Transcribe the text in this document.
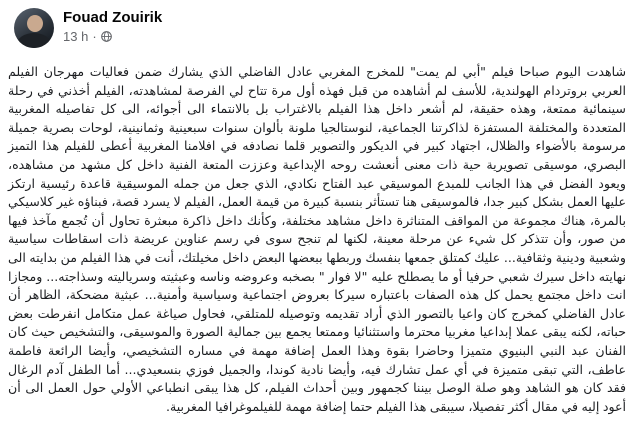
Fouad Zouirik
13 h ·

شاهدت اليوم صباحا فيلم "أبي لم يمت" للمخرج المغربي عادل الفاضلي الذي يشارك ضمن فعاليات مهرجان الفيلم العربي بروتردام الهولندية، للأسف لم أشاهده من قبل فهذه أول مرة تتاح لي الفرصة لمشاهدته، الفيلم أخذني في رحلة سينمائية ممتعة، وهذه حقيقة، لم أشعر داخل هذا الفيلم بالاغتراب بل بالانتماء الى أجوائه، الى كل تفاصيله المغربية المتعددة والمختلفة المستفزة لذاكرتنا الجماعية، لنوستالجيا ملونة بألوان سنوات سبعينية وثمانينية، لوحات بصرية جميلة مرسومة بالأضواء والظلال، اجتهاد كبير في الديكور والتصوير قلما نصادفه في افلامنا المغربية أعطى للفيلم هذا التميز البصري، موسيقى تصويرية حية ذات معنى أنعشت روحه الإبداعية وعززت المتعة الفنية داخل كل مشهد من مشاهده، ويعود الفضل في هذا الجانب للمبدع الموسيقي عبد الفتاح نكادي، الذي جعل من جمله الموسيقية قاعدة رئيسية ارتكز عليها العمل بشكل كبير جدا، فالموسيقى هنا تستأثر بنسبة كبيرة من قيمة العمل، الفيلم لا يسرد قصة، فبناؤه غير كلاسيكي بالمرة، هناك مجموعة من المواقف المتناثرة داخل مشاهد مختلفة، وكأنك داخل ذاكرة مبعثرة تحاول أن تُجمع مآخذ فيها من صور، وأن تتذكر كل شيء عن مرحلة معينة، لكنها لم تنجح سوى في رسم عناوين عريضة ذات اسقاطات سياسية وشعبية ودينية وثقافية... عليك كمتلق جمعها بنفسك وربطها ببعضها البعض داخل مخيلتك، أنت في هذا الفيلم من بدايته الى نهايته داخل سيرك شعبي حرفيا أو ما يصطلح عليه "لا فوار " بصخبه وعروضه وناسه وعبثيته وسرياليته وسذاجته... ومجازا انت داخل مجتمع يحمل كل هذه الصفات باعتباره سيركا بعروض اجتماعية وسياسية وأمنية... عبثية مضحكة، الظاهر أن عادل الفاضلي كمخرج كان واعيا بالتصور الذي أراد تقديمه وتوصيله للمتلقي، فحاول صياغة عمل متكامل انفرطت بعض حباته، لكنه يبقى عملا إبداعيا مغربيا محترما واستثنائيا وممتعا يجمع بين جمالية الصورة والموسيقى، والتشخيص حيث كان الفنان عبد النبي البنيوي متميزا وحاضرا بقوة وهذا العمل إضافة مهمة في مساره التشخيصي، وأيضا الرائعة فاطمة عاطف، التي تبقى متميزة في أي عمل تشارك فيه، وأيضا نادية كوندا، والجميل فوزي بنسعيدي... أما الطفل آدم الرغال فقد كان هو الشاهد وهو صلة الوصل بيننا كجمهور وبين أحداث الفيلم، كل هذا يبقى انطباعي الأولي حول العمل الى أن أعود إليه في مقال أكثر تفصيلا، سيبقى هذا الفيلم حتما إضافة مهمة للفيلموغرافيا المغربية.
